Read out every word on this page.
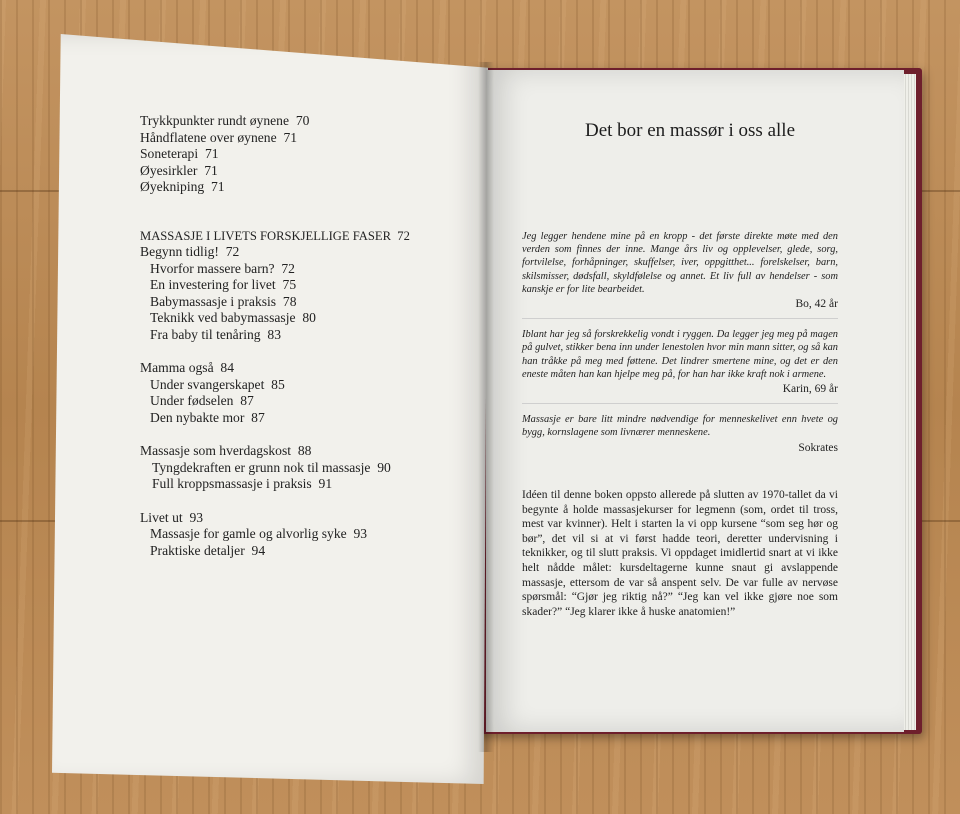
Trykkpunkter rundt øynene 70
Håndflatene over øynene 71
Soneterapi 71
Øyesirkler 71
Øyekniping 71
MASSASJE I LIVETS FORSKJELLIGE FASER 72
Begynn tidlig! 72
Hvorfor massere barn? 72
En investering for livet 75
Babymassasje i praksis 78
Teknikk ved babymassasje 80
Fra baby til tenåring 83
Mamma også 84
Under svangerskapet 85
Under fødselen 87
Den nybakte mor 87
Massasje som hverdagskost 88
Tyngdekraften er grunn nok til massasje 90
Full kroppsmassasje i praksis 91
Livet ut 93
Massasje for gamle og alvorlig syke 93
Praktiske detaljer 94
Det bor en massør i oss alle
Jeg legger hendene mine på en kropp - det første direkte møte med den verden som finnes der inne. Mange års liv og opplevelser, glede, sorg, fortvilelse, forhåpninger, skuffelser, iver, oppgitthet... forelskelser, barn, skilsmisser, dødsfall, skyldfølelse og annet. Et liv full av hendelser - som kanskje er for lite bearbeidet.
Bo, 42 år
Iblant har jeg så forskrekkelig vondt i ryggen. Da legger jeg meg på magen på gulvet, stikker bena inn under lenestolen hvor min mann sitter, og så kan han tråkke på meg med føttene. Det lindrer smertene mine, og det er den eneste måten han kan hjelpe meg på, for han har ikke kraft nok i armene.
Karin, 69 år
Massasje er bare litt mindre nødvendige for menneskelivet enn hvete og bygg, kornslagene som livnærer menneskene.
Sokrates
Idéen til denne boken oppsto allerede på slutten av 1970-tallet da vi begynte å holde massasjekurser for legmenn (som, ordet til tross, mest var kvinner). Helt i starten la vi opp kursene “som seg hør og bør”, det vil si at vi først hadde teori, deretter undervisning i teknikker, og til slutt praksis. Vi oppdaget imidlertid snart at vi ikke helt nådde målet: kursdeltagerne kunne snaut gi avslappende massasje, ettersom de var så anspent selv. De var fulle av nervøse spørsmål: “Gjør jeg riktig nå?” “Jeg kan vel ikke gjøre noe som skader?” “Jeg klarer ikke å huske anatomien!”
